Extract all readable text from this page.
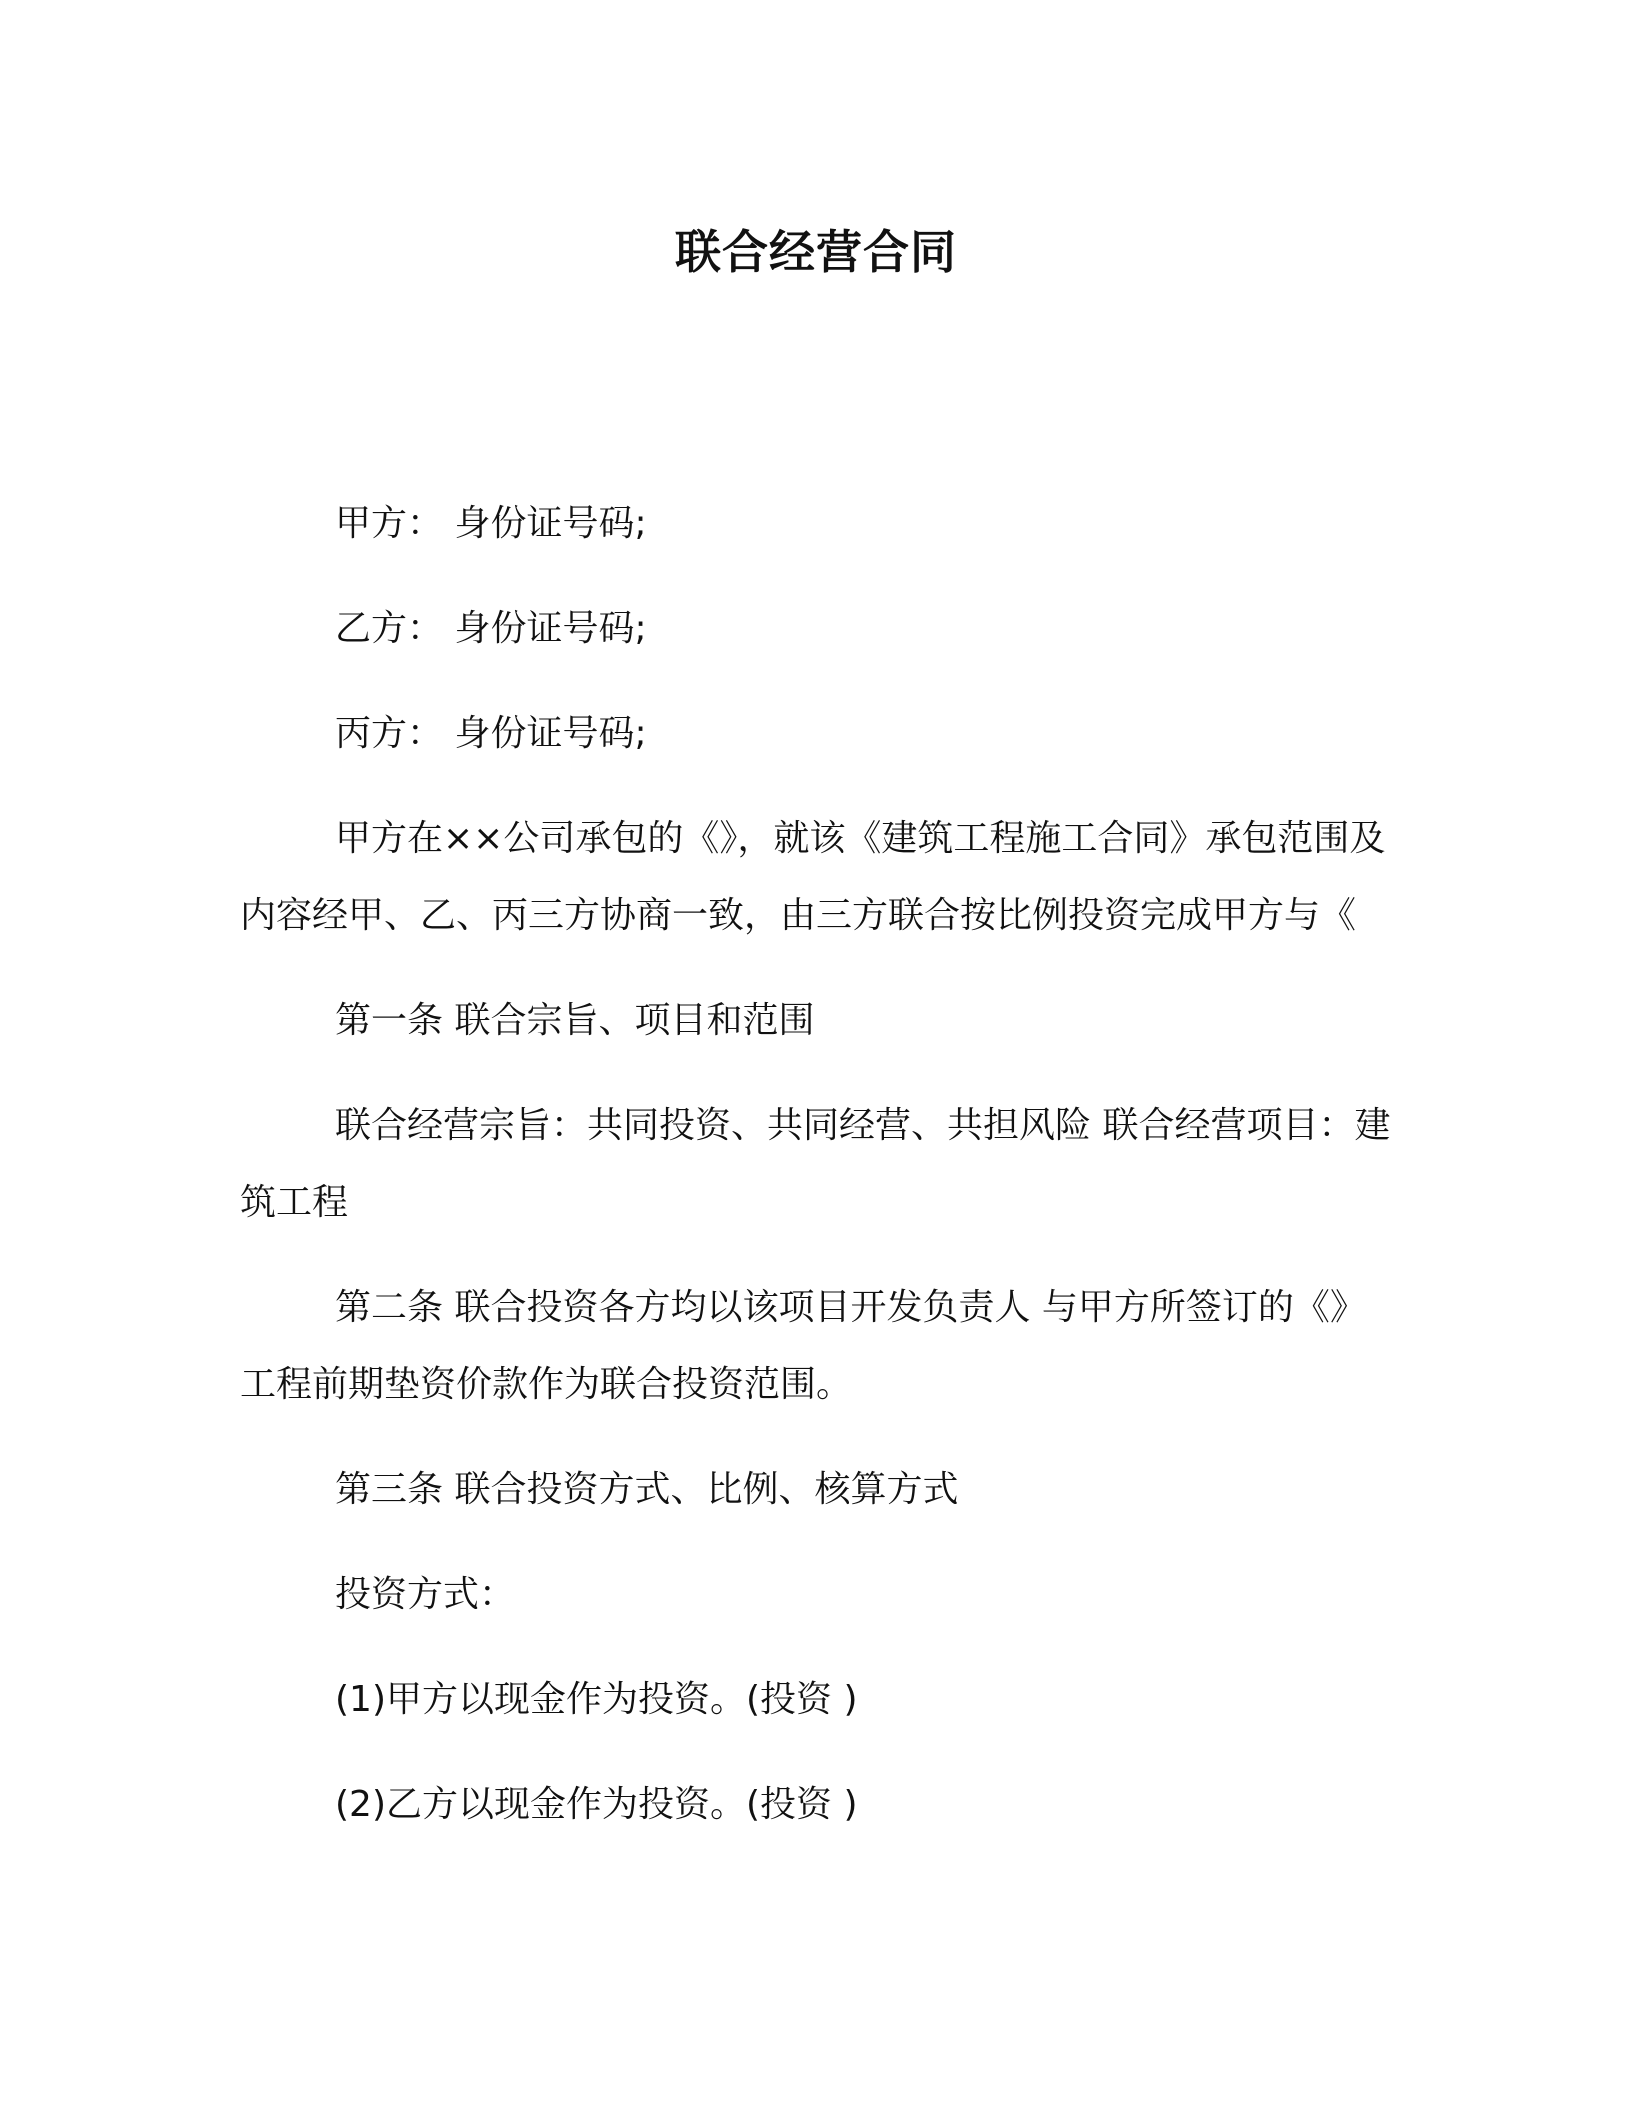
联合经营合同

甲方： 身份证号码;

乙方： 身份证号码;

丙方： 身份证号码;

甲方在××公司承包的《》，就该《建筑工程施工合同》承包范围及内容经甲、乙、丙三方协商一致，由三方联合按比例投资完成甲方与《

第一条 联合宗旨、项目和范围

联合经营宗旨：共同投资、共同经营、共担风险 联合经营项目：建筑工程

第二条 联合投资各方均以该项目开发负责人 与甲方所签订的《》工程前期垫资价款作为联合投资范围。

第三条 联合投资方式、比例、核算方式

投资方式：

(1)甲方以现金作为投资。(投资 )

(2)乙方以现金作为投资。(投资 )
